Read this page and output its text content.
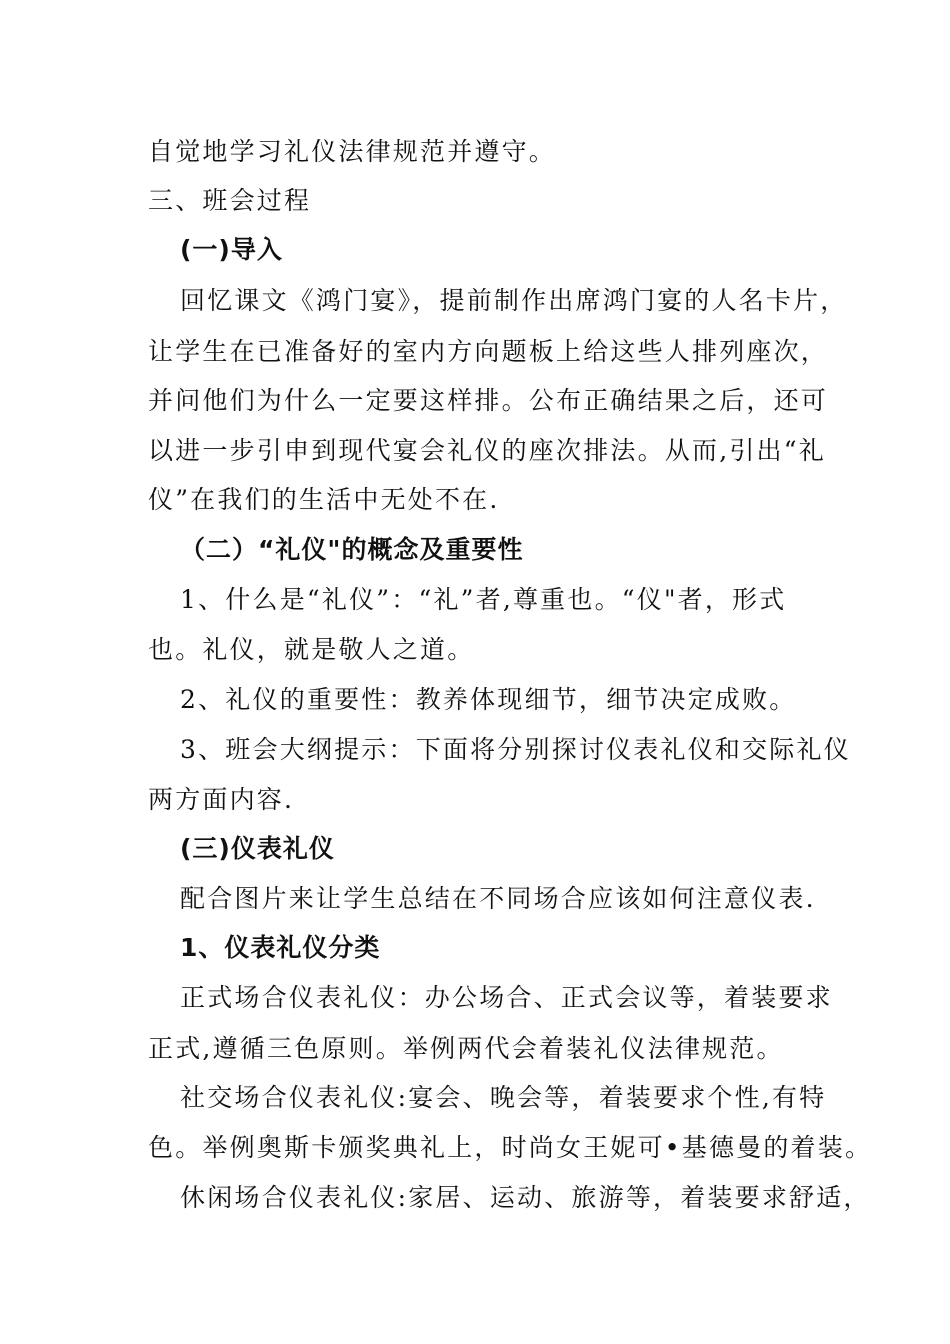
自觉地学习礼仪法律规范并遵守。
三、班会过程
(一)导入
回忆课文《鸿门宴》，提前制作出席鸿门宴的人名卡片，
让学生在已准备好的室内方向题板上给这些人排列座次，
并问他们为什么一定要这样排。公布正确结果之后，还可
以进一步引申到现代宴会礼仪的座次排法。从而,引出“礼
仪”在我们的生活中无处不在.
（二）“礼仪"的概念及重要性
1、什么是“礼仪”：“礼”者,尊重也。“仪"者，形式
也。礼仪，就是敬人之道。
2、礼仪的重要性：教养体现细节，细节决定成败。
3、班会大纲提示：下面将分别探讨仪表礼仪和交际礼仪
两方面内容.
(三)仪表礼仪
配合图片来让学生总结在不同场合应该如何注意仪表.
1、仪表礼仪分类
正式场合仪表礼仪：办公场合、正式会议等，着装要求
正式,遵循三色原则。举例两代会着装礼仪法律规范。
社交场合仪表礼仪:宴会、晚会等，着装要求个性,有特
色。举例奥斯卡颁奖典礼上，时尚女王妮可•基德曼的着装。
休闲场合仪表礼仪:家居、运动、旅游等，着装要求舒适，
